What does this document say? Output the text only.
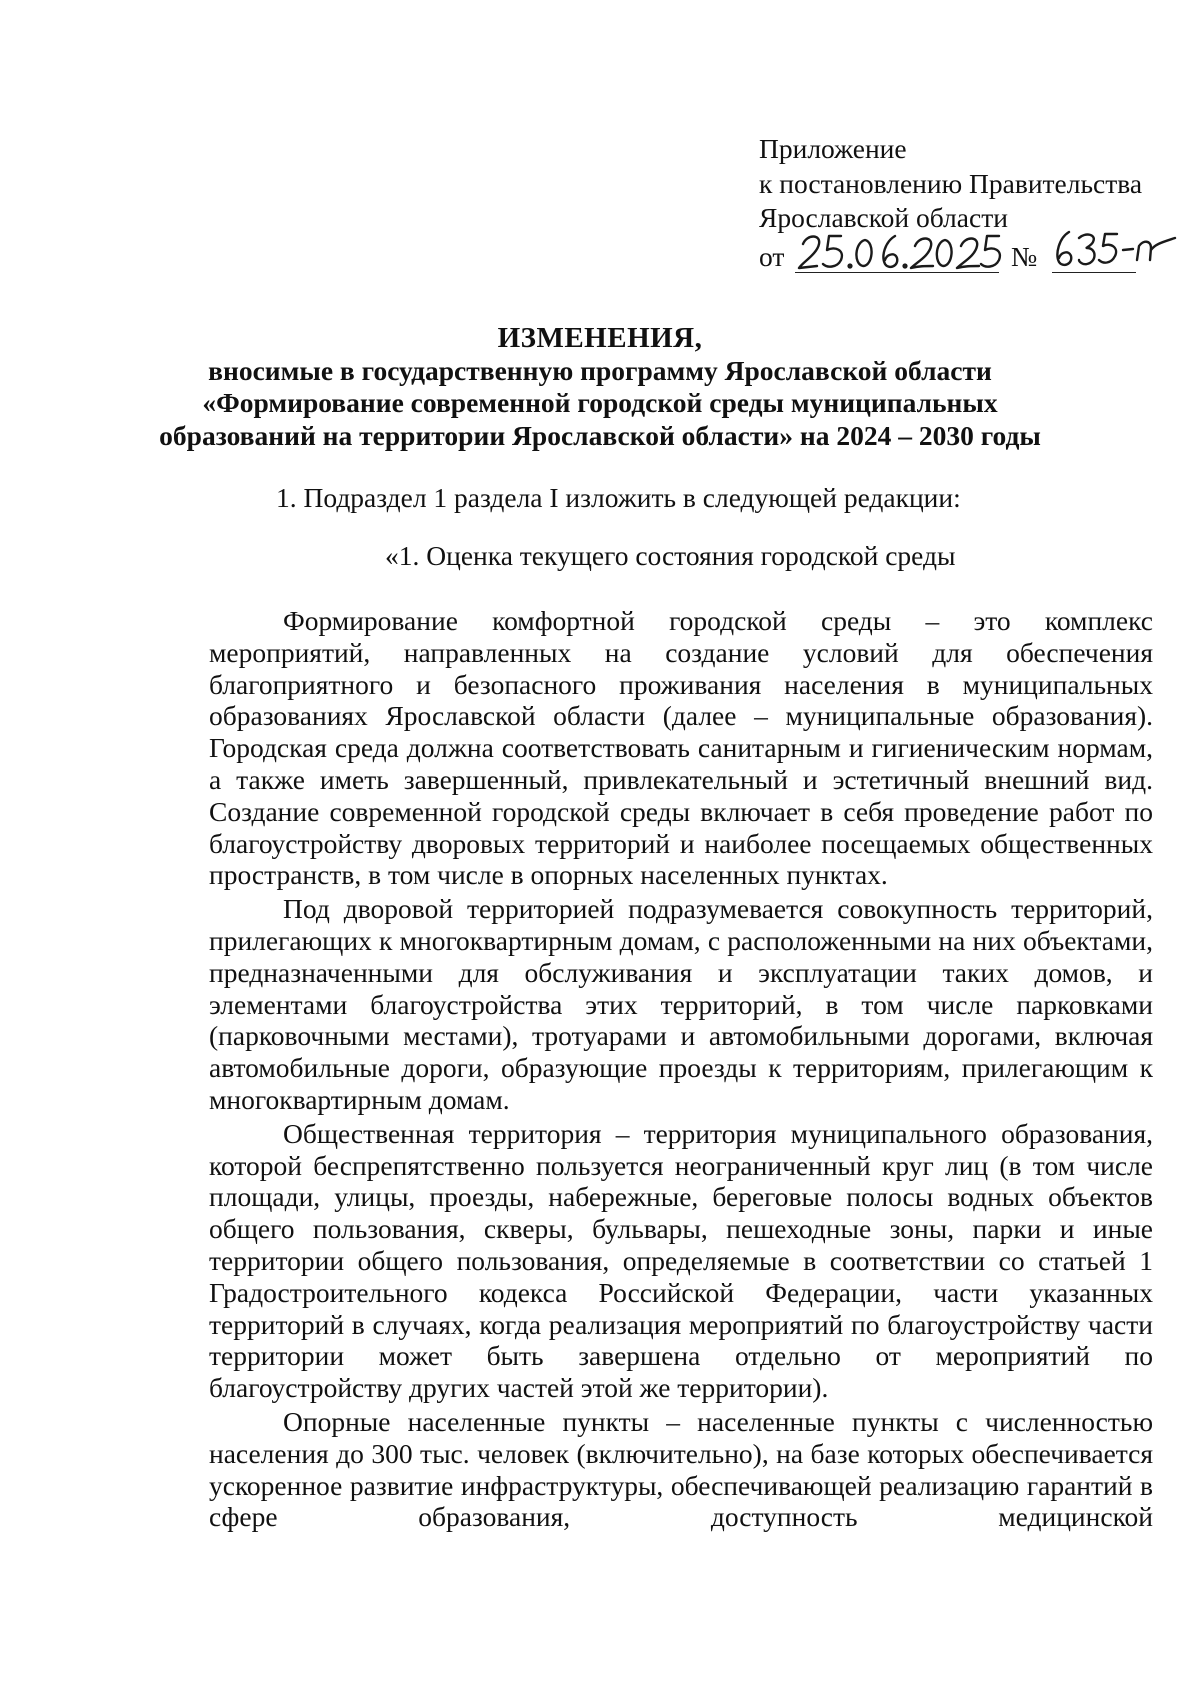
Приложение
к постановлению Правительства
Ярославской области
от	№
ИЗМЕНЕНИЯ,
вносимые в государственную программу Ярославской области
«Формирование современной городской среды муниципальных
образований на территории Ярославской области» на 2024 – 2030 годы
1. Подраздел 1 раздела I изложить в следующей редакции:
«1. Оценка текущего состояния городской среды

Формирование комфортной городской среды – это комплекс мероприятий, направленных на создание условий для обеспечения благоприятного и безопасного проживания населения в муниципальных образованиях Ярославской области (далее – муниципальные образования). Городская среда должна соответствовать санитарным и гигиеническим нормам, а также иметь завершенный, привлекательный и эстетичный внешний вид. Создание современной городской среды включает в себя проведение работ по благоустройству дворовых территорий и наиболее посещаемых общественных пространств, в том числе в опорных населенных пунктах.

Под дворовой территорией подразумевается совокупность территорий, прилегающих к многоквартирным домам, с расположенными на них объектами, предназначенными для обслуживания и эксплуатации таких домов, и элементами благоустройства этих территорий, в том числе парковками (парковочными местами), тротуарами и автомобильными дорогами, включая автомобильные дороги, образующие проезды к территориям, прилегающим к многоквартирным домам.

Общественная территория – территория муниципального образования, которой беспрепятственно пользуется неограниченный круг лиц (в том числе площади, улицы, проезды, набережные, береговые полосы водных объектов общего пользования, скверы, бульвары, пешеходные зоны, парки и иные территории общего пользования, определяемые в соответствии со статьей 1 Градостроительного кодекса Российской Федерации, части указанных территорий в случаях, когда реализация мероприятий по благоустройству части территории может быть завершена отдельно от мероприятий по благоустройству других частей этой же территории).

Опорные населенные пункты – населенные пункты с численностью населения до 300 тыс. человек (включительно), на базе которых обеспечивается ускоренное развитие инфраструктуры, обеспечивающей реализацию гарантий в сфере образования, доступность медицинской
